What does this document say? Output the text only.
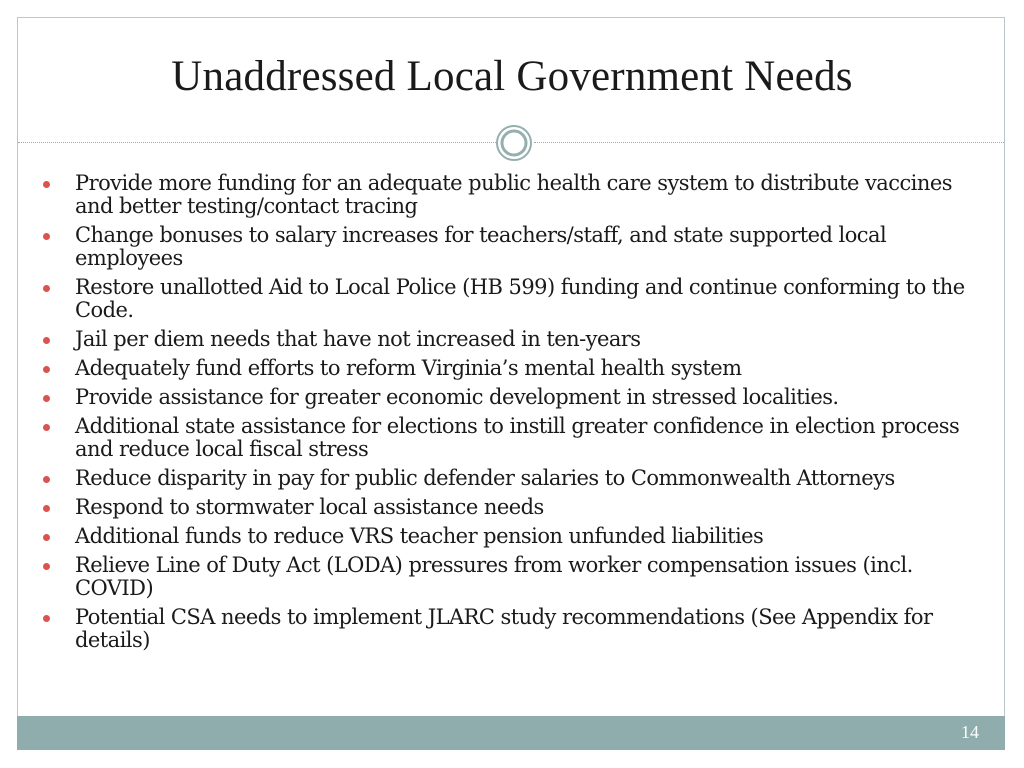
Unaddressed Local Government Needs
Provide more funding for an adequate public health care system to distribute vaccines and better testing/contact tracing
Change bonuses to salary increases for teachers/staff, and state supported local employees
Restore unallotted Aid to Local Police (HB 599) funding and continue conforming to the Code.
Jail per diem needs that have not increased in ten-years
Adequately fund efforts to reform Virginia’s mental health system
Provide assistance for greater economic development in stressed localities.
Additional state assistance for elections to instill greater confidence in election process and reduce local fiscal stress
Reduce disparity in pay for public defender salaries to Commonwealth Attorneys
Respond to stormwater local assistance needs
Additional funds to reduce VRS teacher pension unfunded liabilities
Relieve Line of Duty Act (LODA) pressures from worker compensation issues (incl. COVID)
Potential CSA needs to implement JLARC study recommendations (See Appendix for details)
14
